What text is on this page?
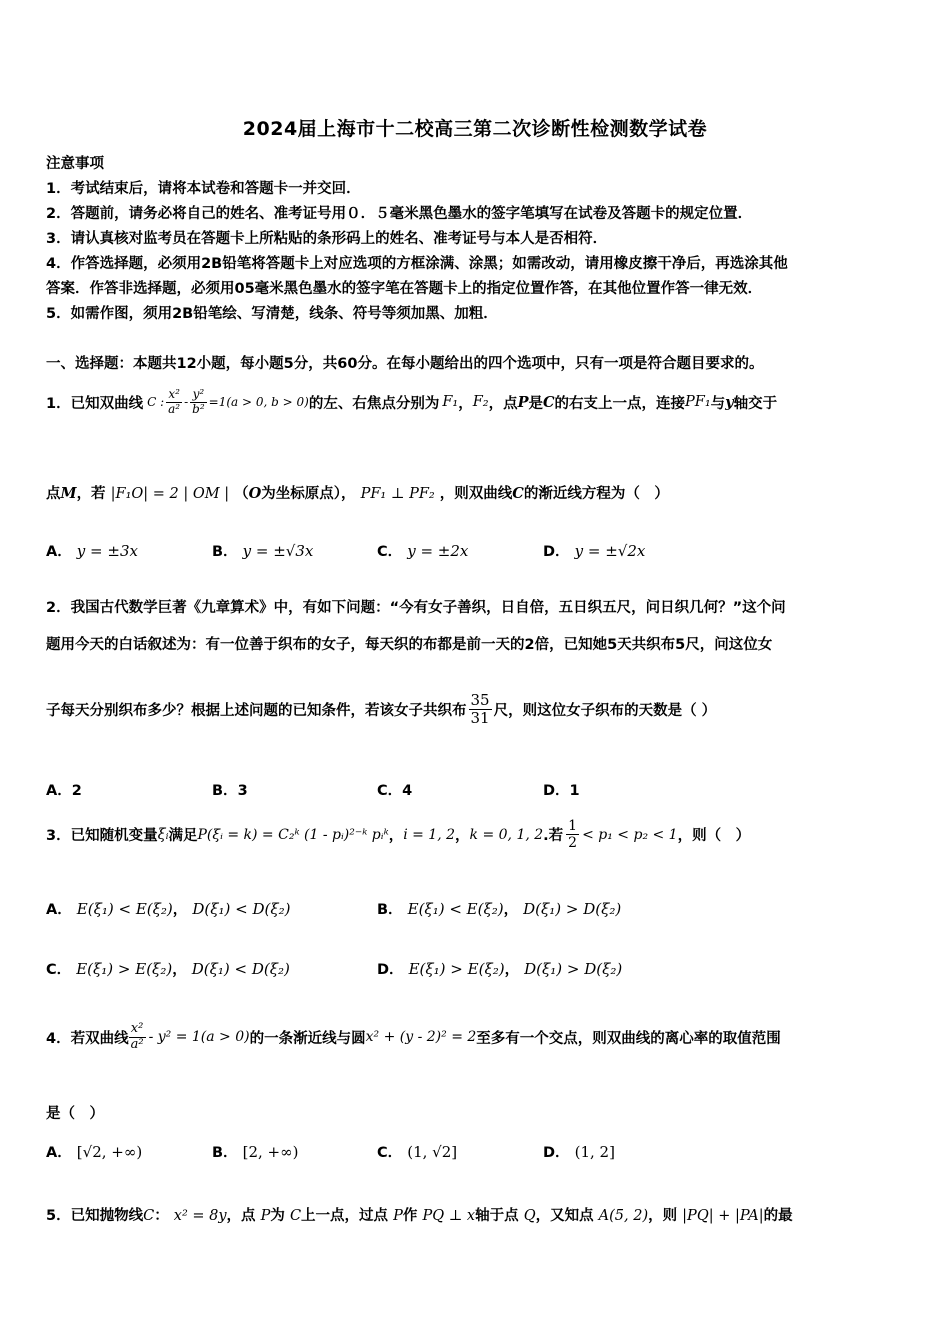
2024届上海市十二校高三第二次诊断性检测数学试卷
注意事项
1．考试结束后，请将本试卷和答题卡一并交回．
2．答题前，请务必将自己的姓名、准考证号用０．５毫米黑色墨水的签字笔填写在试卷及答题卡的规定位置．
3．请认真核对监考员在答题卡上所粘贴的条形码上的姓名、准考证号与本人是否相符．
4．作答选择题，必须用2B铅笔将答题卡上对应选项的方框涂满、涂黑；如需改动，请用橡皮擦干净后，再选涂其他
答案．作答非选择题，必须用05毫米黑色墨水的签字笔在答题卡上的指定位置作答，在其他位置作答一律无效．
5．如需作图，须用2B铅笔绘、写清楚，线条、符号等须加黑、加粗．
一、选择题：本题共12小题，每小题5分，共60分。在每小题给出的四个选项中，只有一项是符合题目要求的。
1．已知双曲线 C : $\frac{\text{x²}}{\text{a²}} - \frac{\text{y²}}{\text{b²}} =1(a > 0$, b > 0) 的左、右焦点分别为 F₁ ， F₂ ，点 P 是 C 的右支上一点，连接 PF₁ 与 y 轴交于
点M，若 |F₁O| = 2 | OM | （O为坐标原点）， PF₁ ⊥ PF₂ ，则双曲线C的渐近线方程为（　）
A． y = ±3x	B． y = ±√3x	C． y = ±2x	D． y = ±√2x
2．我国古代数学巨著《九章算术》中，有如下问题：“今有女子善织，日自倍，五日织五尺，问日织几何？”这个问
题用今天的白话叙述为：有一位善于织布的女子，每天织的布都是前一天的2倍，已知她5天共织布5尺，问这位女
子每天分别织布多少？根据上述问题的已知条件，若该女子共织布 $\frac{35}{31}$ 尺，则这位女子织布的天数是（ ）
A．2	B．3	C．4	D．1
3．已知随机变量 ξᵢ 满足 P(ξᵢ = k) = C₂ᵏ (1 - pᵢ)²⁻ᵏ pᵢᵏ ， i = 1, 2 ， k = 0, 1, 2 .若 $\frac{1}{2} < p_1 < p_2 < 1$ ，则（　）
A． E(ξ₁) < E(ξ₂)， D(ξ₁) < D(ξ₂)	B． E(ξ₁) < E(ξ₂)， D(ξ₁) > D(ξ₂)
C． E(ξ₁) > E(ξ₂)， D(ξ₁) < D(ξ₂)	D． E(ξ₁) > E(ξ₂)， D(ξ₁) > D(ξ₂)
4．若双曲线 $\frac{\text{x²}}{\text{a²}} - y^2 = 1(a > 0)$ 的一条渐近线与圆 x² + (y - 2)² = 2 至多有一个交点，则双曲线的离心率的取值范围
是（　）
A． [√2, +∞)	B． [2, +∞)	C． (1, √2]	D． (1, 2]
5．已知抛物线C： x² = 8y，点 P为 C上一点，过点 P作 PQ ⊥ x轴于点 Q，又知点 A(5, 2)，则 |PQ| + |PA|的最
